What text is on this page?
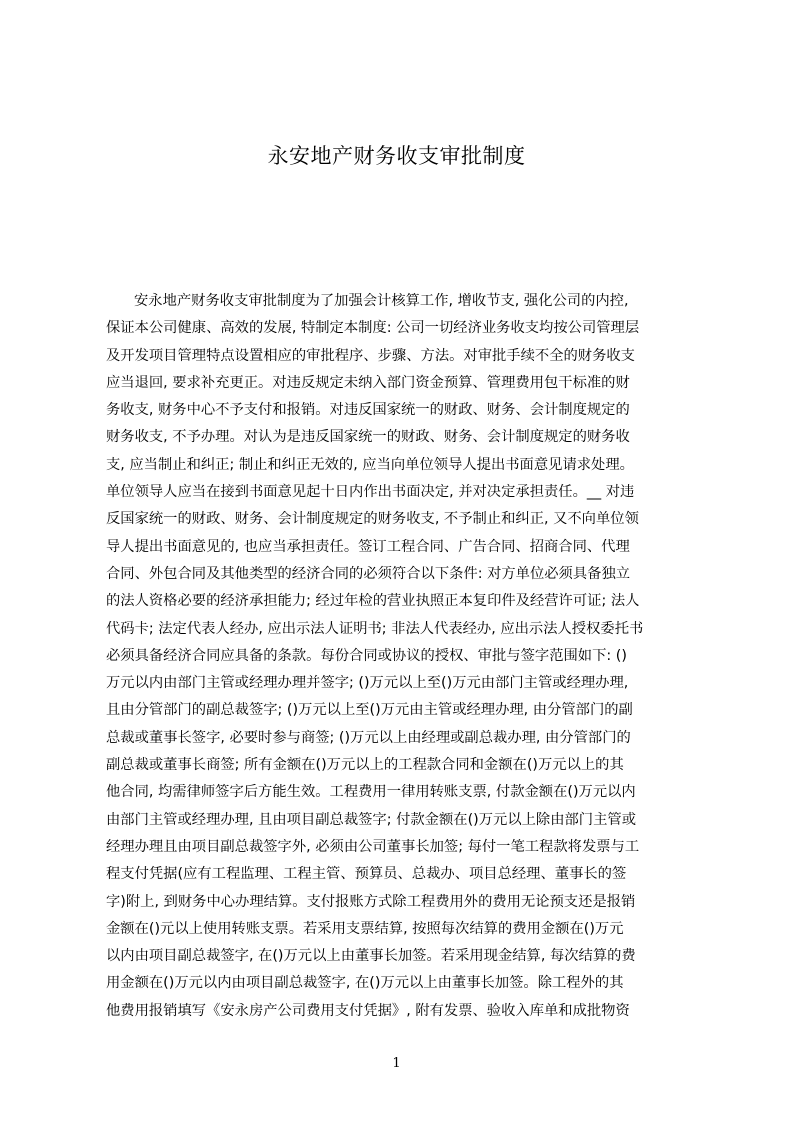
永安地产财务收支审批制度
安永地产财务收支审批制度为了加强会计核算工作, 增收节支, 强化公司的内控,
保证本公司健康、高效的发展, 特制定本制度: 公司一切经济业务收支均按公司管理层
及开发项目管理特点设置相应的审批程序、步骤、方法。对审批手续不全的财务收支
应当退回, 要求补充更正。对违反规定未纳入部门资金预算、管理费用包干标准的财
务收支, 财务中心不予支付和报销。对违反国家统一的财政、财务、会计制度规定的
财务收支, 不予办理。对认为是违反国家统一的财政、财务、会计制度规定的财务收
支, 应当制止和纠正; 制止和纠正无效的, 应当向单位领导人提出书面意见请求处理。
单位领导人应当在接到书面意见起十日内作出书面决定, 并对决定承担责任。__ 对违
反国家统一的财政、财务、会计制度规定的财务收支, 不予制止和纠正, 又不向单位领
导人提出书面意见的, 也应当承担责任。签订工程合同、广告合同、招商合同、代理
合同、外包合同及其他类型的经济合同的必须符合以下条件: 对方单位必须具备独立
的法人资格必要的经济承担能力; 经过年检的营业执照正本复印件及经营许可证; 法人
代码卡; 法定代表人经办, 应出示法人证明书; 非法人代表经办, 应出示法人授权委托书
必须具备经济合同应具备的条款。每份合同或协议的授权、审批与签字范围如下: ()
万元以内由部门主管或经理办理并签字; ()万元以上至()万元由部门主管或经理办理,
且由分管部门的副总裁签字; ()万元以上至()万元由主管或经理办理, 由分管部门的副
总裁或董事长签字, 必要时参与商签; ()万元以上由经理或副总裁办理, 由分管部门的
副总裁或董事长商签; 所有金额在()万元以上的工程款合同和金额在()万元以上的其
他合同, 均需律师签字后方能生效。工程费用一律用转账支票, 付款金额在()万元以内
由部门主管或经理办理, 且由项目副总裁签字; 付款金额在()万元以上除由部门主管或
经理办理且由项目副总裁签字外, 必须由公司董事长加签; 每付一笔工程款将发票与工
程支付凭据(应有工程监理、工程主管、预算员、总裁办、项目总经理、董事长的签
字)附上, 到财务中心办理结算。支付报账方式除工程费用外的费用无论预支还是报销
金额在()元以上使用转账支票。若采用支票结算, 按照每次结算的费用金额在()万元
以内由项目副总裁签字, 在()万元以上由董事长加签。若采用现金结算, 每次结算的费
用金额在()万元以内由项目副总裁签字, 在()万元以上由董事长加签。除工程外的其
他费用报销填写《安永房产公司费用支付凭据》, 附有发票、验收入库单和成批物资
1
